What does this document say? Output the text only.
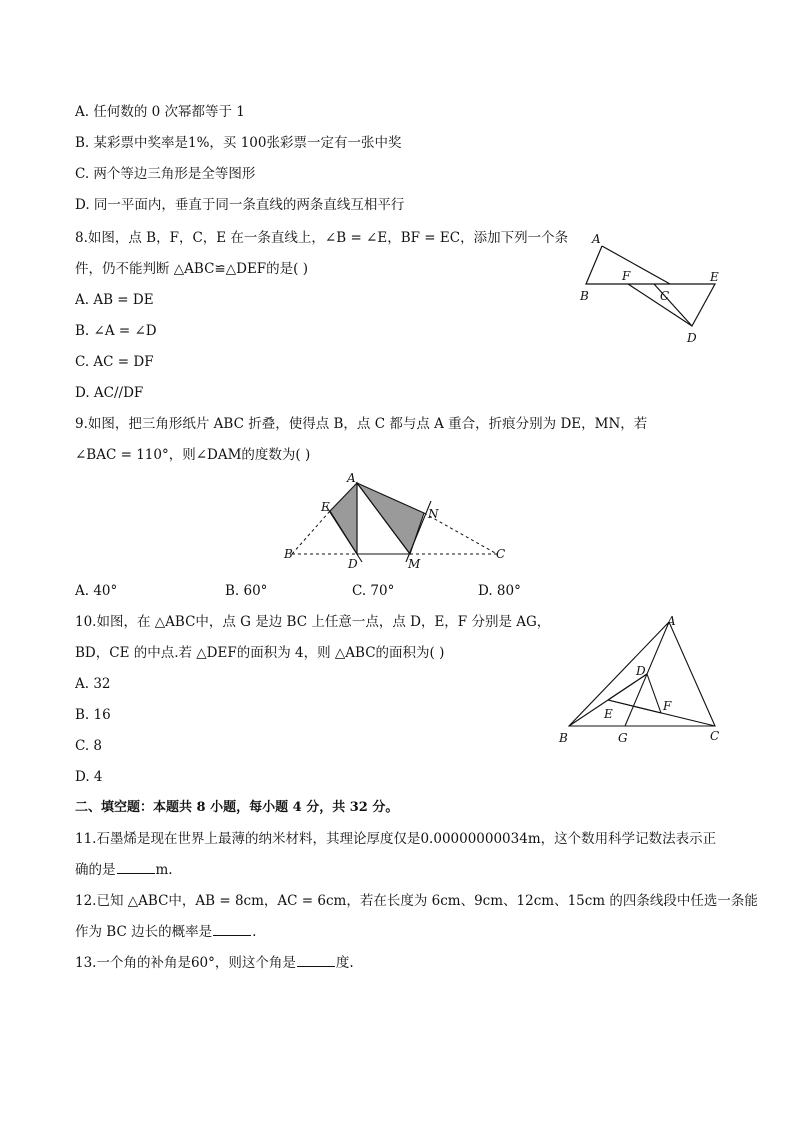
A. 任何数的 0 次幂都等于 1
B. 某彩票中奖率是1%，买 100张彩票一定有一张中奖
C. 两个等边三角形是全等图形
D. 同一平面内，垂直于同一条直线的两条直线互相平行
8.如图，点 B，F，C，E 在一条直线上，∠B = ∠E，BF = EC，添加下列一个条
件，仍不能判断 △ABC≌△DEF的是( )
A. AB = DE
B. ∠A = ∠D
C. AC = DF
D. AC//DF
A
B
F
C
E
D
9.如图，把三角形纸片 ABC 折叠，使得点 B，点 C 都与点 A 重合，折痕分别为 DE，MN，若
∠BAC = 110°，则∠DAM的度数为( )
A
E	N
B
D	M
C
A. 40°	B. 60°	C. 70°	D. 80°
10.如图，在 △ABC中，点 G 是边 BC 上任意一点，点 D，E，F 分别是 AG，
BD，CE 的中点.若 △DEF的面积为 4，则 △ABC的面积为( )
A. 32
B. 16
C. 8
D. 4
A
D
F
E
B	G	C
二、填空题：本题共 8 小题，每小题 4 分，共 32 分。
11.石墨烯是现在世界上最薄的纳米材料，其理论厚度仅是0.00000000034m，这个数用科学记数法表示正
确的是	m.
12.已知 △ABC中，AB = 8cm，AC = 6cm，若在长度为 6cm、9cm、12cm、15cm 的四条线段中任选一条能
作为 BC 边长的概率是	.
13.一个角的补角是60°，则这个角是	度.
